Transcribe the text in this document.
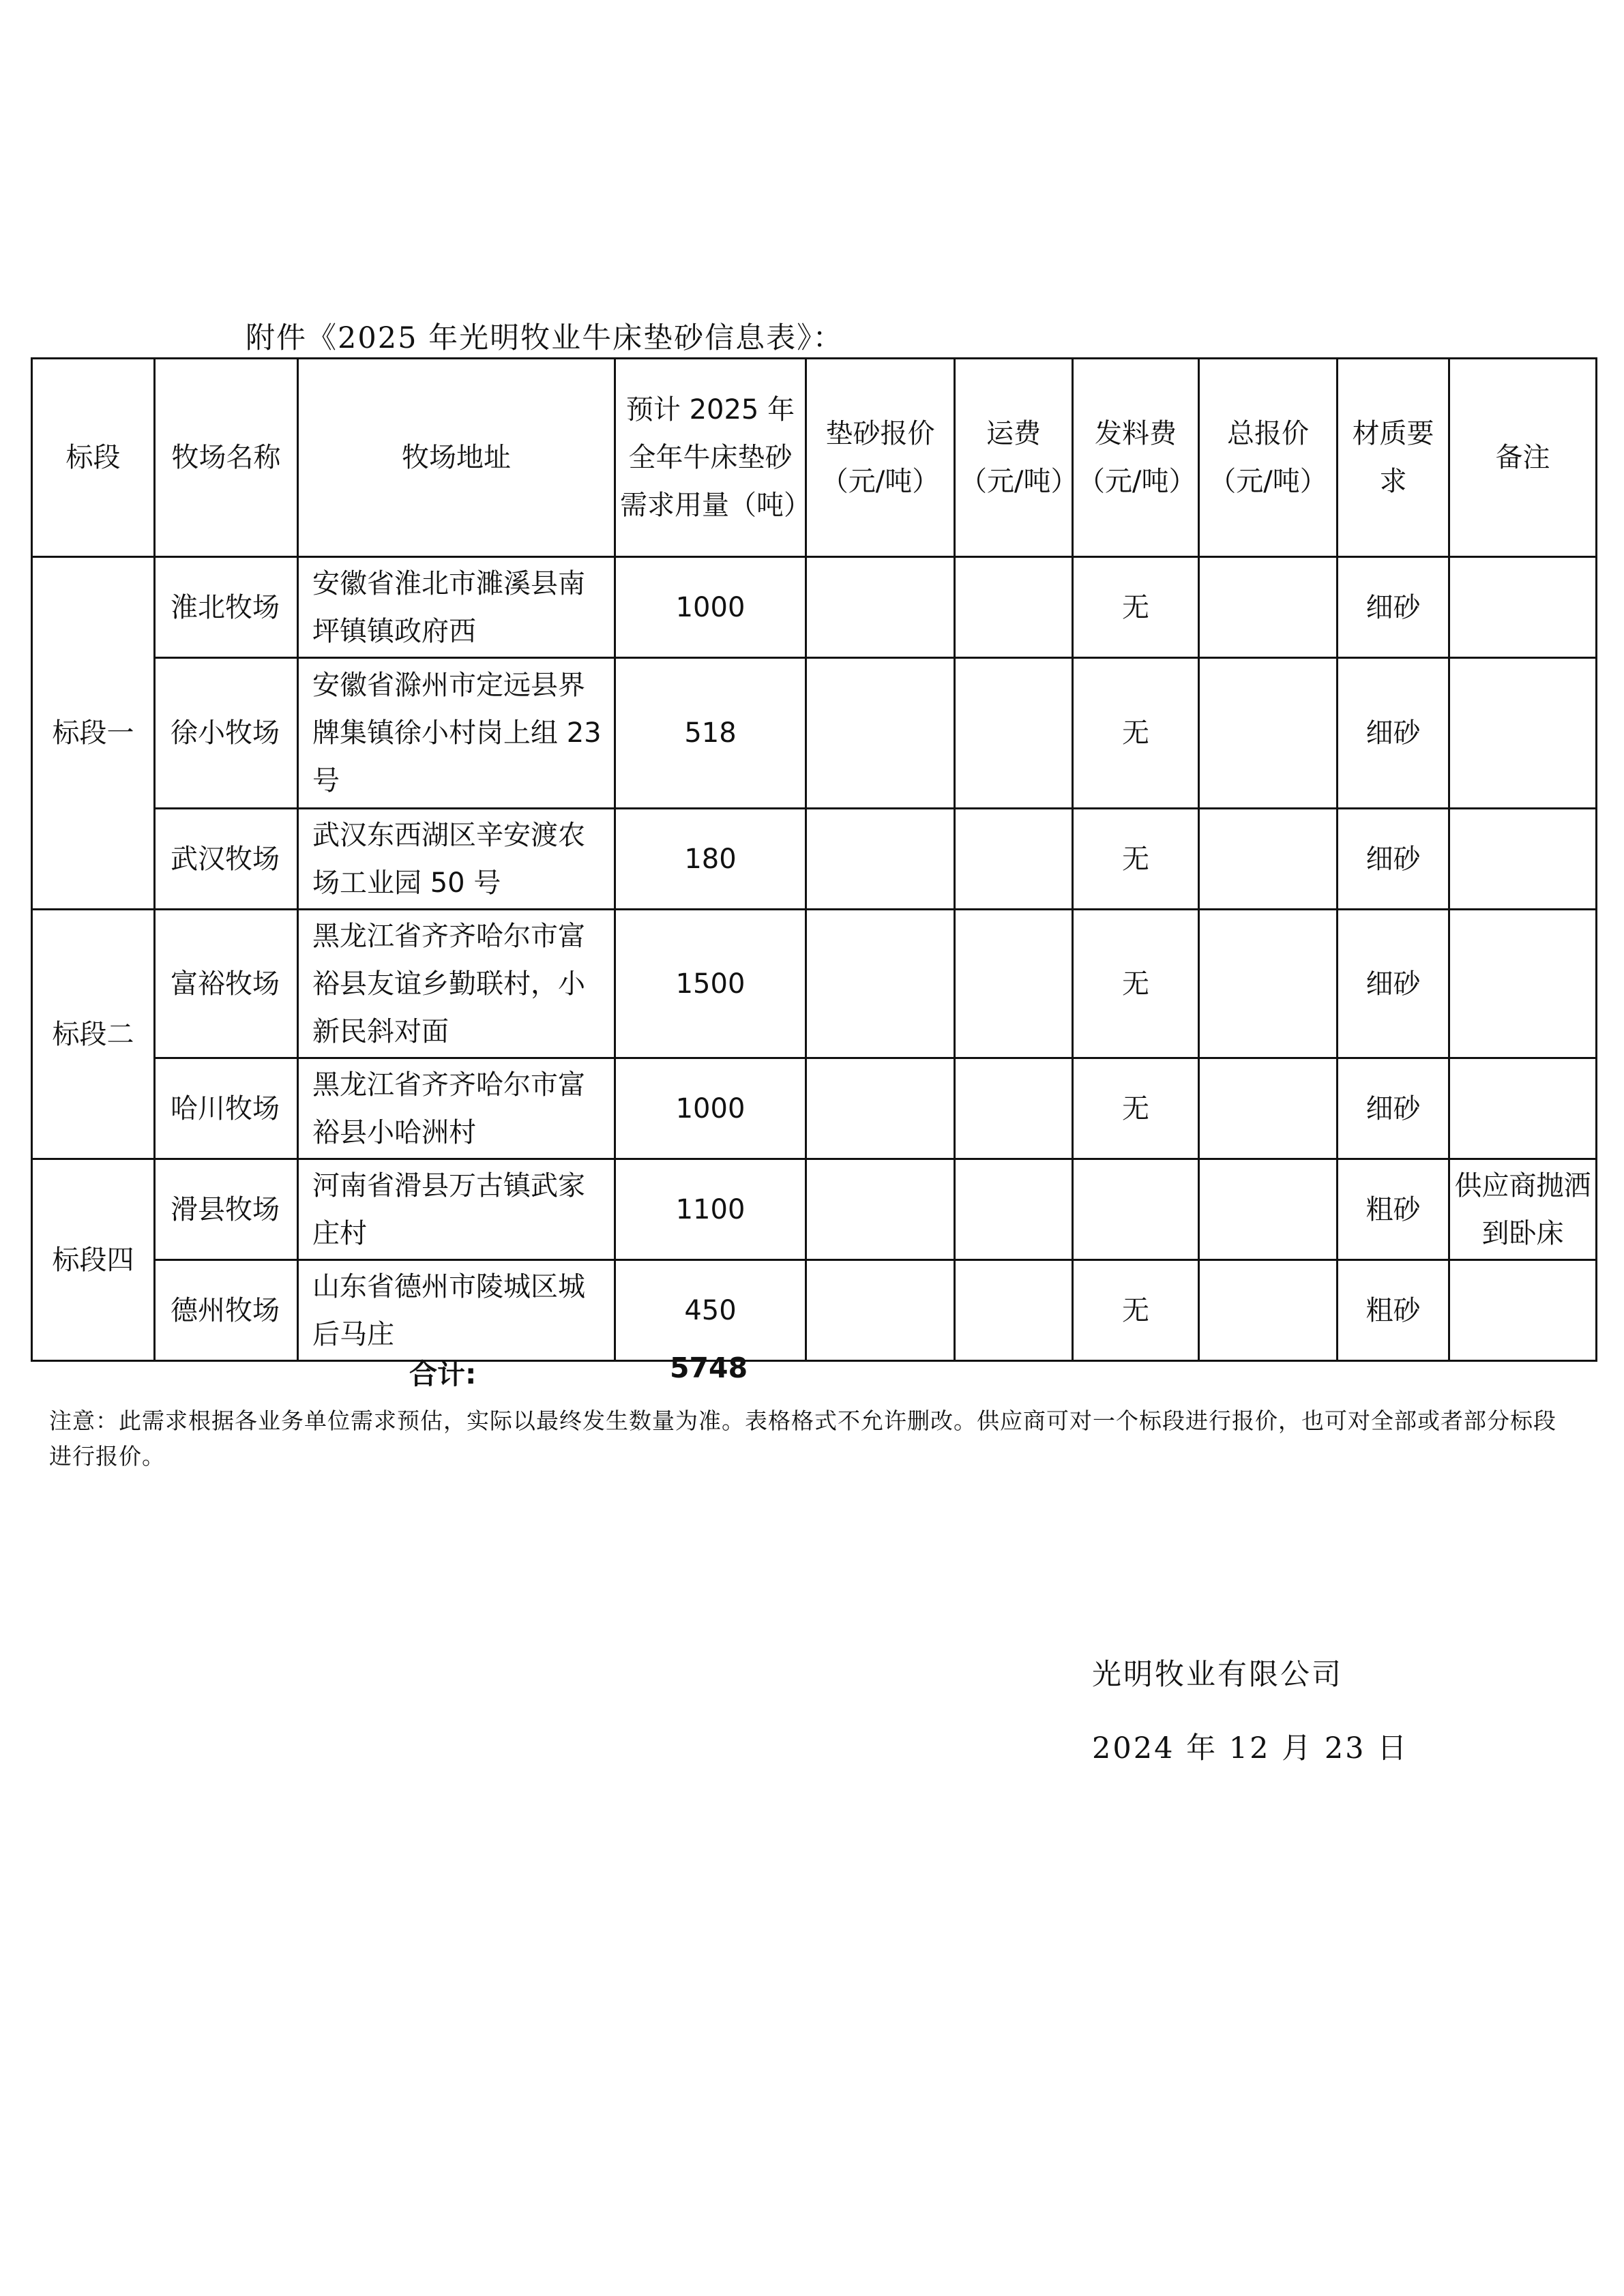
附件《2025 年光明牧业牛床垫砂信息表》：
标段	牧场名称	牧场地址	预计 2025 年全年牛床垫砂需求用量（吨）	垫砂报价（元/吨）	运费（元/吨）	发料费（元/吨）	总报价（元/吨）	材质要求	备注
标段一	淮北牧场	安徽省淮北市濉溪县南坪镇镇政府西	1000			无		细砂	
	徐小牧场	安徽省滁州市定远县界牌集镇徐小村岗上组 23 号	518			无		细砂	
	武汉牧场	武汉东西湖区辛安渡农场工业园 50 号	180			无		细砂	
标段二	富裕牧场	黑龙江省齐齐哈尔市富裕县友谊乡勤联村，小新民斜对面	1500			无		细砂	
	哈川牧场	黑龙江省齐齐哈尔市富裕县小哈洲村	1000			无		细砂	
标段四	滑县牧场	河南省滑县万古镇武家庄村	1100					粗砂	供应商抛洒到卧床
	德州牧场	山东省德州市陵城区城后马庄	450			无		粗砂	
合计:	5748
注意：此需求根据各业务单位需求预估，实际以最终发生数量为准。表格格式不允许删改。供应商可对一个标段进行报价，也可对全部或者部分标段进行报价。
光明牧业有限公司
2024 年 12 月 23 日
